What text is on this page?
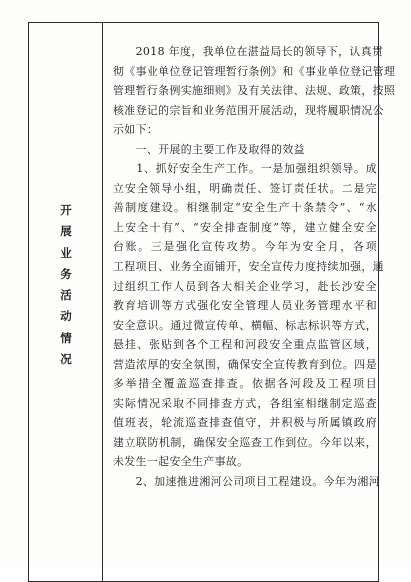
开
展
业
务
活
动
情
况
　　2018 年度，我单位在湛益局长的领导下，认真贯
彻《事业单位登记管理暂行条例》和《事业单位登记管理
管理暂行条例实施细则》及有关法律、法规、政策，按照
核准登记的宗旨和业务范围开展活动，现将履职情况公
示如下：
　　一、开展的主要工作及取得的效益
　　1、抓好安全生产工作。一是加强组织领导。成
立安全领导小组，明确责任、签订责任状。二是完
善制度建设。相继制定“安全生产十条禁令”、“水
上安全十有”、“安全排查制度”等，建立健全安全
台账。三是强化宣传攻势。今年为安全月，各项
工程项目、业务全面铺开，安全宣传力度持续加强，通
过组织工作人员到各大相关企业学习，赴长沙安全
教育培训等方式强化安全管理人员业务管理水平和
安全意识。通过微宣传单、横幅、标志标识等方式，
悬挂、张贴到各个工程和河段安全重点监管区域，
营造浓厚的安全氛围，确保安全宣传教育到位。四是
多举措全覆盖巡查排查。依据各河段及工程项目
实际情况采取不同排查方式，各组室相继制定巡查
值班表，轮流巡查排查值守，并积极与所属镇政府
建立联防机制，确保安全巡查工作到位。今年以来，
未发生一起安全生产事故。
　　2、加速推进湘河公司项目工程建设。今年为湘河
